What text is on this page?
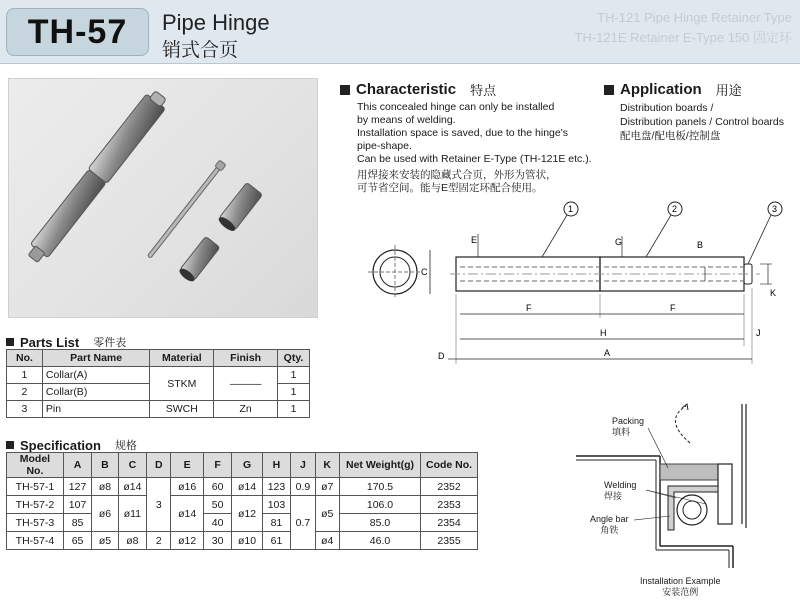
TH-57 Pipe Hinge
销式合页
TH-121 Pipe Hinge Retainer Type
TH-121E Retainer E-Type 150 固定环
Characteristic 特点
This concealed hinge can only be installed
by means of welding.
Installation space is saved, due to the hinge's
pipe-shape.
Can be used with Retainer E-Type (TH-121E etc.).
用焊接来安装的隐藏式合页，外形为管状，
可节省空间。能与E型固定环配合使用。
Application 用途
Distribution boards /
Distribution panels / Control boards
配电盘/配电板/控制盘
C
1	2	3
E	G	B
K
F	F
H	J
A
D
Parts List 零件表
No.	Part Name	Material	Finish	Qty.
1	Collar(A)	STKM	―――	1
2	Collar(B)			1
3	Pin	SWCH	Zn	1
Specification 规格
Model No.	A	B	C	D	E	F	G	H	J	K	Net Weight(g)	Code No.
TH-57-1	127	ø8	ø14	3	ø16	60	ø14	123	0.9	ø7	170.5	2352
TH-57-2	107	ø6	ø11		ø14	50	ø12	103	0.7	ø5	106.0	2353
TH-57-3	85					40		81			85.0	2354
TH-57-4	65	ø5	ø8	2	ø12	30	ø10	61		ø4	46.0	2355
Packing
填料
Welding
焊接
Angle bar
角铁
Installation Example
安装范例
